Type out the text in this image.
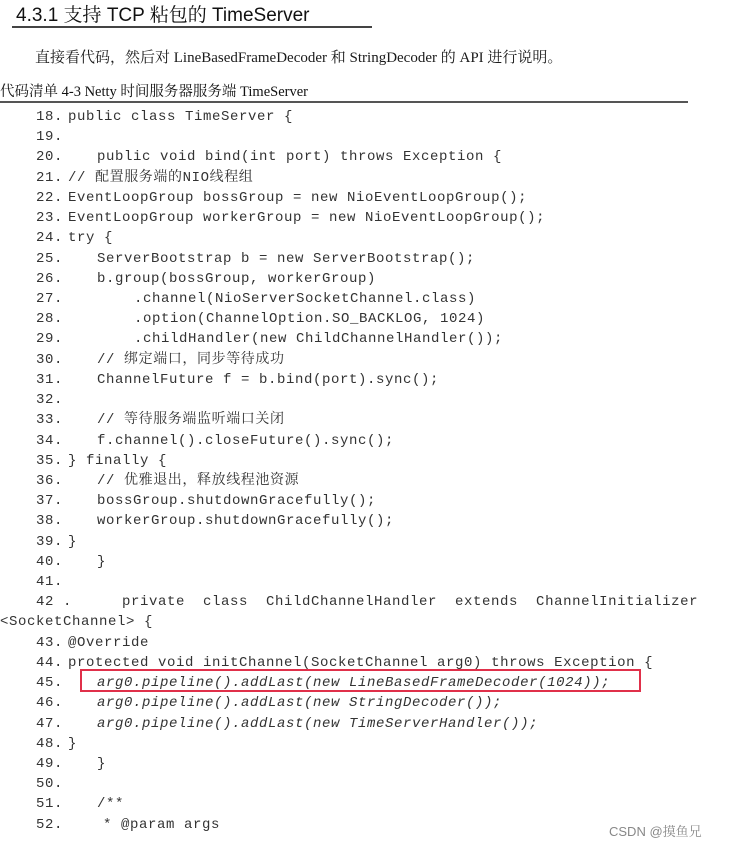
4.3.1 支持 TCP 粘包的 TimeServer
直接看代码，然后对 LineBasedFrameDecoder 和 StringDecoder 的 API 进行说明。
代码清单 4-3 Netty 时间服务器服务端 TimeServer
18. public class TimeServer {
19.
20. public void bind(int port) throws Exception {
21. // 配置服务端的NIO线程组
22. EventLoopGroup bossGroup = new NioEventLoopGroup();
23. EventLoopGroup workerGroup = new NioEventLoopGroup();
24. try {
25. ServerBootstrap b = new ServerBootstrap();
26. b.group(bossGroup, workerGroup)
27.	.channel(NioServerSocketChannel.class)
28.	.option(ChannelOption.SO_BACKLOG, 1024)
29.	.childHandler(new ChildChannelHandler());
30. // 绑定端口，同步等待成功
31. ChannelFuture f = b.bind(port).sync();
32.
33. // 等待服务端监听端口关闭
34. f.channel().closeFuture().sync();
35. } finally {
36. // 优雅退出，释放线程池资源
37. bossGroup.shutdownGracefully();
38. workerGroup.shutdownGracefully();
39. }
40. }
41.
42 .	private  class  ChildChannelHandler  extends  ChannelInitializer
<SocketChannel> {
43. @Override
44. protected void initChannel(SocketChannel arg0) throws Exception {
45. arg0.pipeline().addLast(new LineBasedFrameDecoder(1024));
46. arg0.pipeline().addLast(new StringDecoder());
47. arg0.pipeline().addLast(new TimeServerHandler());
48. }
49. }
50.
51. /**
52.	* @param args	CSDN @摸鱼兄
